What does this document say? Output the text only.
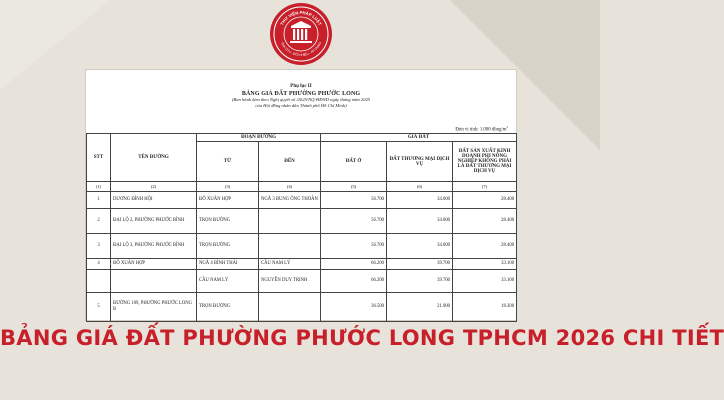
THƯ VIỆN PHÁP LUẬT
TRA CỨU - ĐỐI CHIẾU - ÁP DỤNG
Phụ lục II
BẢNG GIÁ ĐẤT PHƯỜNG PHƯỚC LONG
(Ban hành kèm theo Nghị quyết số /2025/NQ-HĐND ngày tháng năm 2025
của Hội đồng nhân dân Thành phố Hồ Chí Minh)
Đơn vị tính: 1.000 đồng/$m^2$
STT	TÊN ĐƯỜNG	ĐOẠN ĐƯỜNG		GIÁ ĐẤT		
		TỪ	ĐẾN	ĐẤT Ở	ĐẤT THƯƠNG MẠI DỊCH VỤ	ĐẤT SẢN XUẤT KINH DOANH PHI NÔNG NGHIỆP KHÔNG PHẢI LÀ ĐẤT THƯƠNG MẠI DỊCH VỤ
(1)	(2)	(3)	(4)	(5)	(6)	(7)
1	DƯƠNG ĐÌNH HỘI	ĐỖ XUÂN HỢP	NGÃ 3 BUNG ÔNG THOÀN	56.700	34.000	28.400
2	ĐẠI LỘ 2, PHƯỜNG PHƯỚC BÌNH	TRỌN ĐƯỜNG		56.700	34.000	28.400
3	ĐẠI LỘ 3, PHƯỜNG PHƯỚC BÌNH	TRỌN ĐƯỜNG		56.700	34.000	28.400
4	ĐỖ XUÂN HỢP	NGÃ 4 BÌNH THÁI	CẦU NAM LÝ	66.200	39.700	33.100
		CẦU NAM LÝ	NGUYỄN DUY TRINH	66.200	39.700	33.100
5	ĐƯỜNG 109, PHƯỜNG PHƯỚC LONG B	TRỌN ĐƯỜNG		36.500	21.900	18.300
BẢNG GIÁ ĐẤT PHƯỜNG PHƯỚC LONG TPHCM 2026 CHI TIẾT
